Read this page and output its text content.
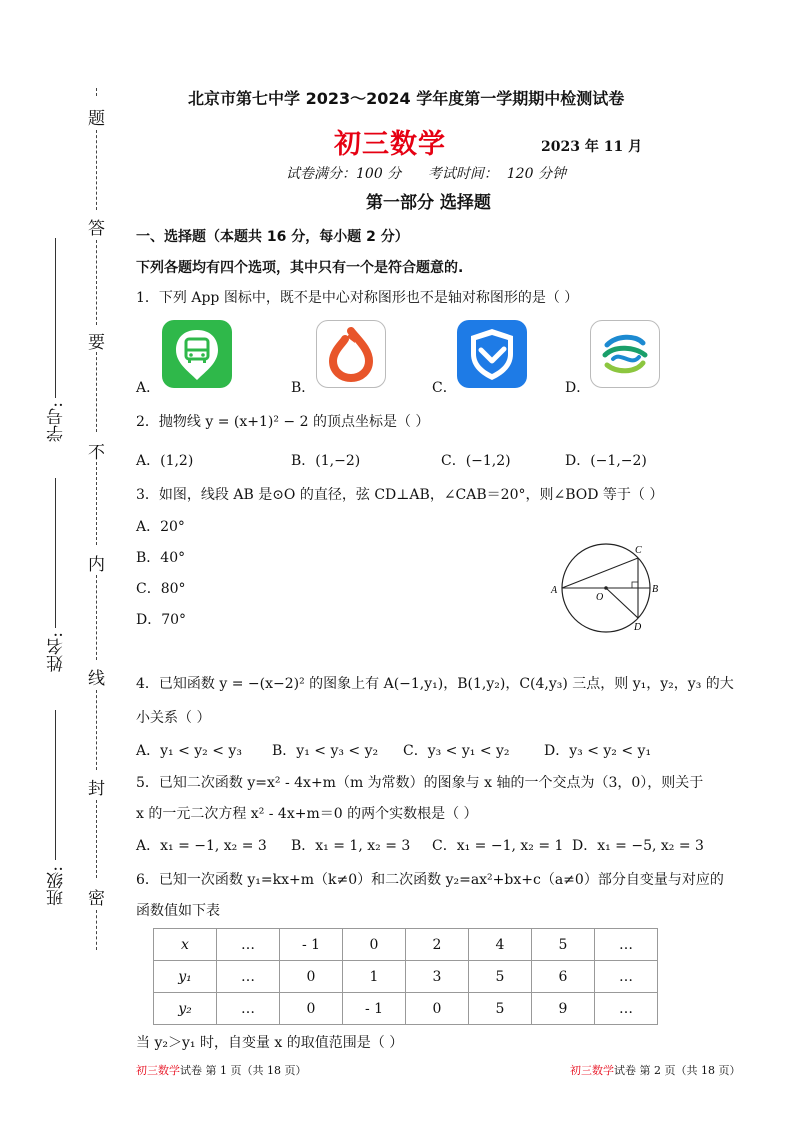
题
答
要
不
内
线
封
密
学号:
姓名:
班级:
北京市第七中学 2023～2024 学年度第一学期期中检测试卷
初三数学	2023 年 11 月
试卷满分：100 分      考试时间：  120 分钟
第一部分 选择题
一、选择题（本题共 16 分，每小题 2 分）
下列各题均有四个选项，其中只有一个是符合题意的.
1．下列 App 图标中，既不是中心对称图形也不是轴对称图形的是（ ）
A．	B．	C．	D．
2．抛物线 y = (x+1)² − 2 的顶点坐标是（ ）
A．(1,2)	B．(1,−2)	C．(−1,2)	D．(−1,−2)
3．如图，线段 AB 是⊙O 的直径，弦 CD⊥AB，∠CAB＝20°，则∠BOD 等于（ ）
A．20°
B．40°
C．80°
D．70°
A	B
C
D
O
4．已知函数 y = −(x−2)² 的图象上有 A(−1,y₁)，B(1,y₂)，C(4,y₃) 三点，则 y₁，y₂，y₃ 的大
小关系（ ）
A．y₁ < y₂ < y₃ B．y₁ < y₃ < y₂ C．y₃ < y₁ < y₂ D．y₃ < y₂ < y₁
5．已知二次函数 y=x² - 4x+m（m 为常数）的图象与 x 轴的一个交点为（3，0），则关于
x 的一元二次方程 x² - 4x+m＝0 的两个实数根是（ ）
A．x₁ = −1, x₂ = 3 B．x₁ = 1, x₂ = 3 C．x₁ = −1, x₂ = 1 D．x₁ = −5, x₂ = 3
6．已知一次函数 y₁=kx+m（k≠0）和二次函数 y₂=ax²+bx+c（a≠0）部分自变量与对应的
函数值如下表
x	…	- 1	0	2	4	5	…
y₁	…	0	1	3	5	6	…
y₂	…	0	- 1	0	5	9	…
当 y₂＞y₁ 时，自变量 x 的取值范围是（ ）
初三数学试卷 第 1 页（共 18 页）	初三数学试卷 第 2 页（共 18 页）
